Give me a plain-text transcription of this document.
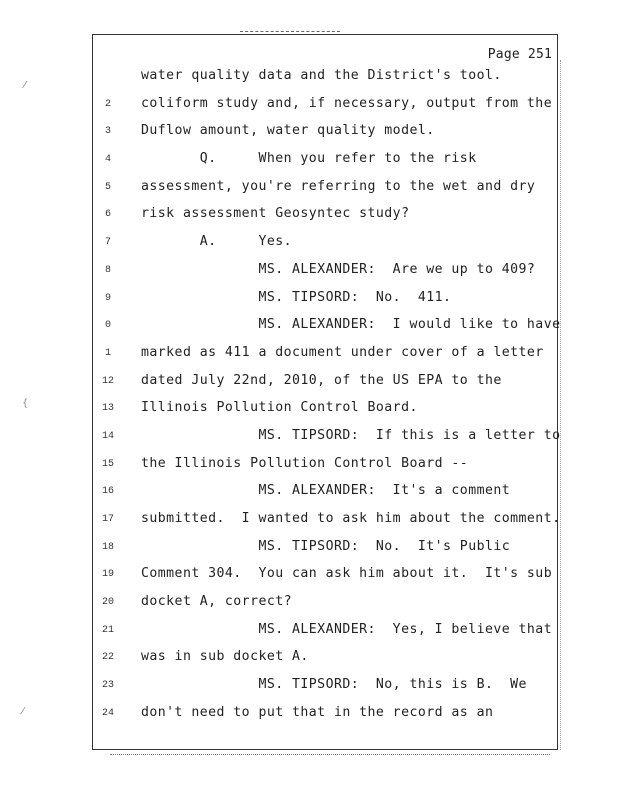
⁄
{
⁄
Page 251
water quality data and the District's tool.
2	coliform study and, if necessary, output from the
3	Duflow amount, water quality model.
4	Q.     When you refer to the risk
5	assessment, you're referring to the wet and dry
6	risk assessment Geosyntec study?
7	A.     Yes.
8	MS. ALEXANDER:  Are we up to 409?
9	MS. TIPSORD:  No.  411.
0	MS. ALEXANDER:  I would like to have
1	marked as 411 a document under cover of a letter
12	dated July 22nd, 2010, of the US EPA to the
13	Illinois Pollution Control Board.
14	MS. TIPSORD:  If this is a letter to
15	the Illinois Pollution Control Board --
16	MS. ALEXANDER:  It's a comment
17	submitted.  I wanted to ask him about the comment.
18	MS. TIPSORD:  No.  It's Public
19	Comment 304.  You can ask him about it.  It's sub
20	docket A, correct?
21	MS. ALEXANDER:  Yes, I believe that
22	was in sub docket A.
23	MS. TIPSORD:  No, this is B.  We
24	don't need to put that in the record as an
